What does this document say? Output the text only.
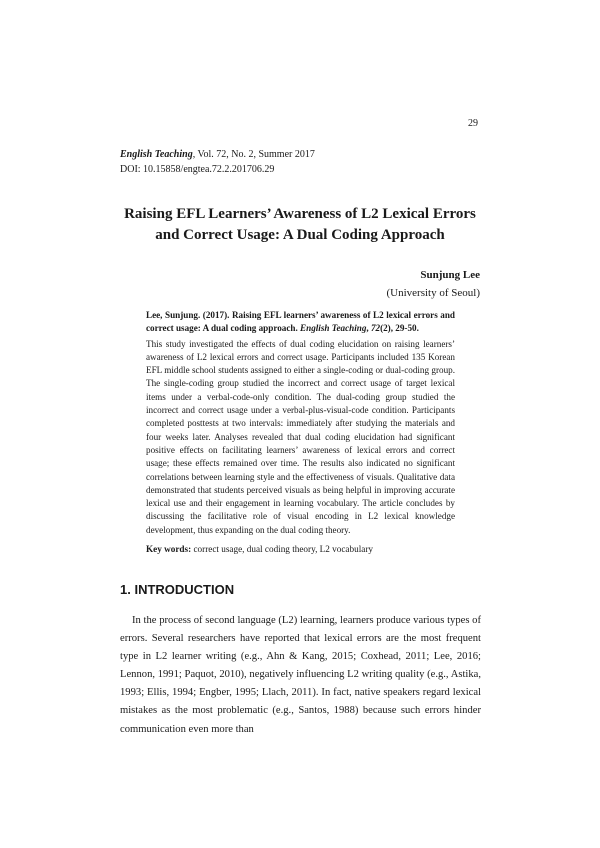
29
English Teaching, Vol. 72, No. 2, Summer 2017
DOI: 10.15858/engtea.72.2.201706.29
Raising EFL Learners’ Awareness of L2 Lexical Errors
and Correct Usage: A Dual Coding Approach
Sunjung Lee
(University of Seoul)

Lee, Sunjung. (2017). Raising EFL learners’ awareness of L2 lexical errors and correct usage: A dual coding approach. English Teaching, 72(2), 29-50.

This study investigated the effects of dual coding elucidation on raising learners’ awareness of L2 lexical errors and correct usage. Participants included 135 Korean EFL middle school students assigned to either a single-coding or dual-coding group. The single-coding group studied the incorrect and correct usage of target lexical items under a verbal-code-only condition. The dual-coding group studied the incorrect and correct usage under a verbal-plus-visual-code condition. Participants completed posttests at two intervals: immediately after studying the materials and four weeks later. Analyses revealed that dual coding elucidation had significant positive effects on facilitating learners’ awareness of lexical errors and correct usage; these effects remained over time. The results also indicated no significant correlations between learning style and the effectiveness of visuals. Qualitative data demonstrated that students perceived visuals as being helpful in improving accurate lexical use and their engagement in learning vocabulary. The article concludes by discussing the facilitative role of visual encoding in L2 lexical knowledge development, thus expanding on the dual coding theory.

Key words: correct usage, dual coding theory, L2 vocabulary
1. INTRODUCTION

In the process of second language (L2) learning, learners produce various types of errors. Several researchers have reported that lexical errors are the most frequent type in L2 learner writing (e.g., Ahn & Kang, 2015; Coxhead, 2011; Lee, 2016; Lennon, 1991; Paquot, 2010), negatively influencing L2 writing quality (e.g., Astika, 1993; Ellis, 1994; Engber, 1995; Llach, 2011). In fact, native speakers regard lexical mistakes as the most problematic (e.g., Santos, 1988) because such errors hinder communication even more than
